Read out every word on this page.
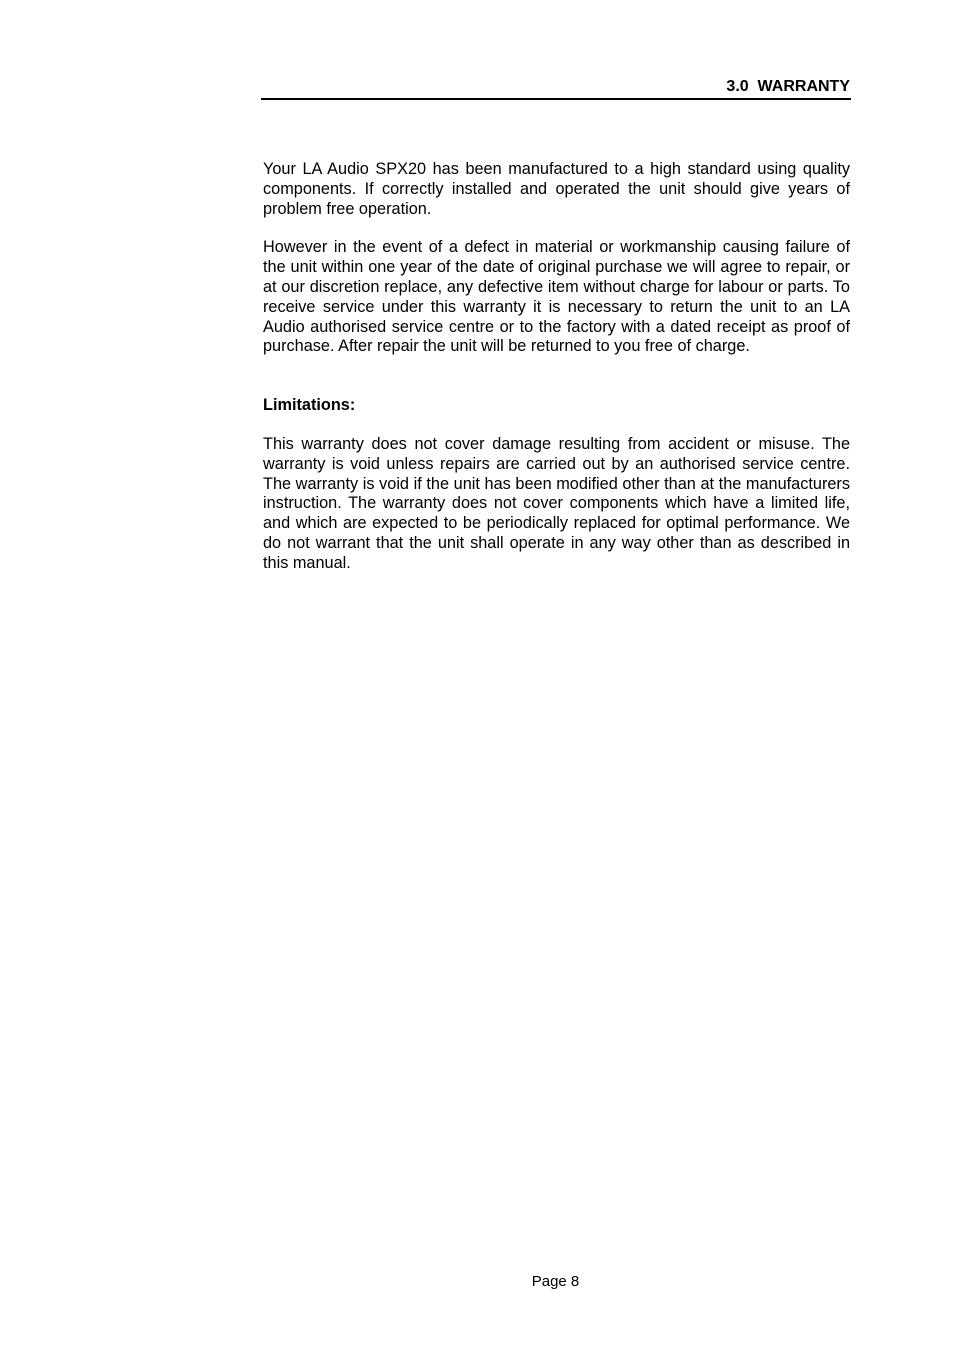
3.0  WARRANTY

Your LA Audio SPX20 has been manufactured to a high standard using quality components. If correctly installed and operated the unit should give years of problem free operation.

However in the event of a defect in material or workmanship causing failure of the unit within one year of the date of original purchase we will agree to repair, or at our discretion replace, any defective item without charge for labour or parts. To receive service under this warranty it is necessary to return the unit to an LA Audio authorised service centre or to the factory with a dated receipt as proof of purchase. After repair the unit will be returned to you free of charge.

Limitations:

This warranty does not cover damage resulting from accident or misuse. The warranty is void unless repairs are carried out by an authorised service centre. The warranty is void if the unit has been modified other than at the manufacturers instruction. The warranty does not cover components which have a limited life, and which are expected to be periodically replaced for optimal performance. We do not warrant that the unit shall operate in any way other than as described in this manual.

Page 8
